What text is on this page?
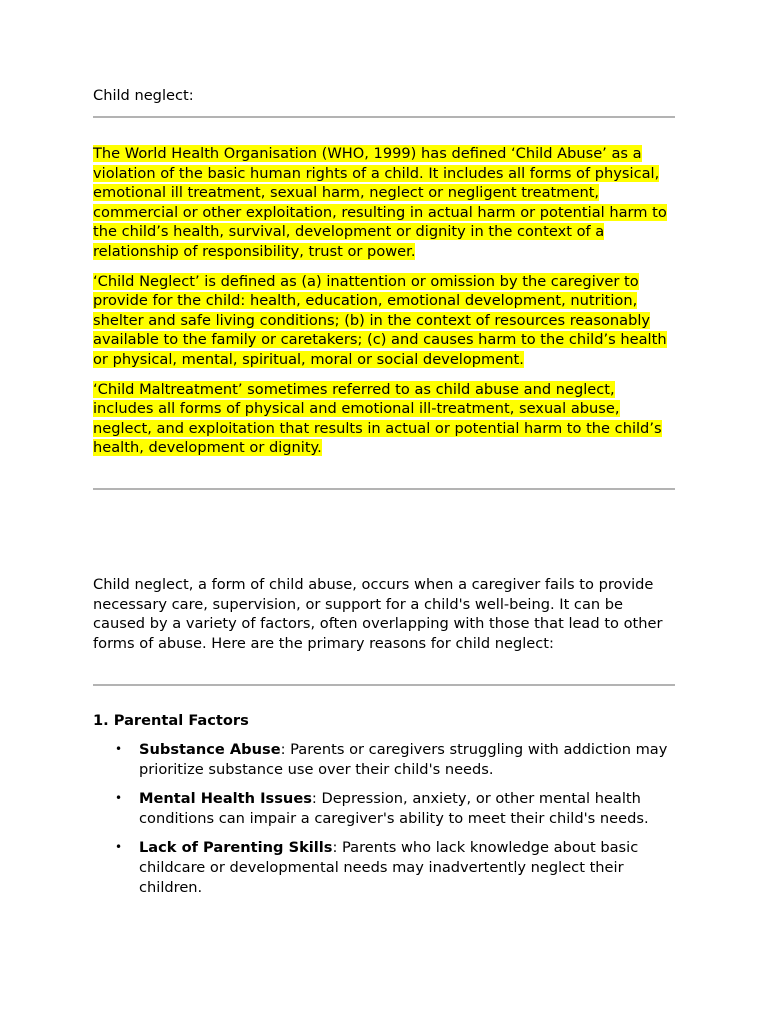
Child neglect:

The World Health Organisation (WHO, 1999) has defined ‘Child Abuse’ as a violation of the basic human rights of a child. It includes all forms of physical, emotional ill treatment, sexual harm, neglect or negligent treatment, commercial or other exploitation, resulting in actual harm or potential harm to the child’s health, survival, development or dignity in the context of a relationship of responsibility, trust or power.

‘Child Neglect’ is defined as (a) inattention or omission by the caregiver to provide for the child: health, education, emotional development, nutrition, shelter and safe living conditions; (b) in the context of resources reasonably available to the family or caretakers; (c) and causes harm to the child’s health or physical, mental, spiritual, moral or social development.

‘Child Maltreatment’ sometimes referred to as child abuse and neglect, includes all forms of physical and emotional ill-treatment, sexual abuse, neglect, and exploitation that results in actual or potential harm to the child’s health, development or dignity.

Child neglect, a form of child abuse, occurs when a caregiver fails to provide necessary care, supervision, or support for a child's well-being. It can be caused by a variety of factors, often overlapping with those that lead to other forms of abuse. Here are the primary reasons for child neglect:

1. Parental Factors
• Substance Abuse: Parents or caregivers struggling with addiction may prioritize substance use over their child's needs.
• Mental Health Issues: Depression, anxiety, or other mental health conditions can impair a caregiver's ability to meet their child's needs.
• Lack of Parenting Skills: Parents who lack knowledge about basic childcare or developmental needs may inadvertently neglect their children.
